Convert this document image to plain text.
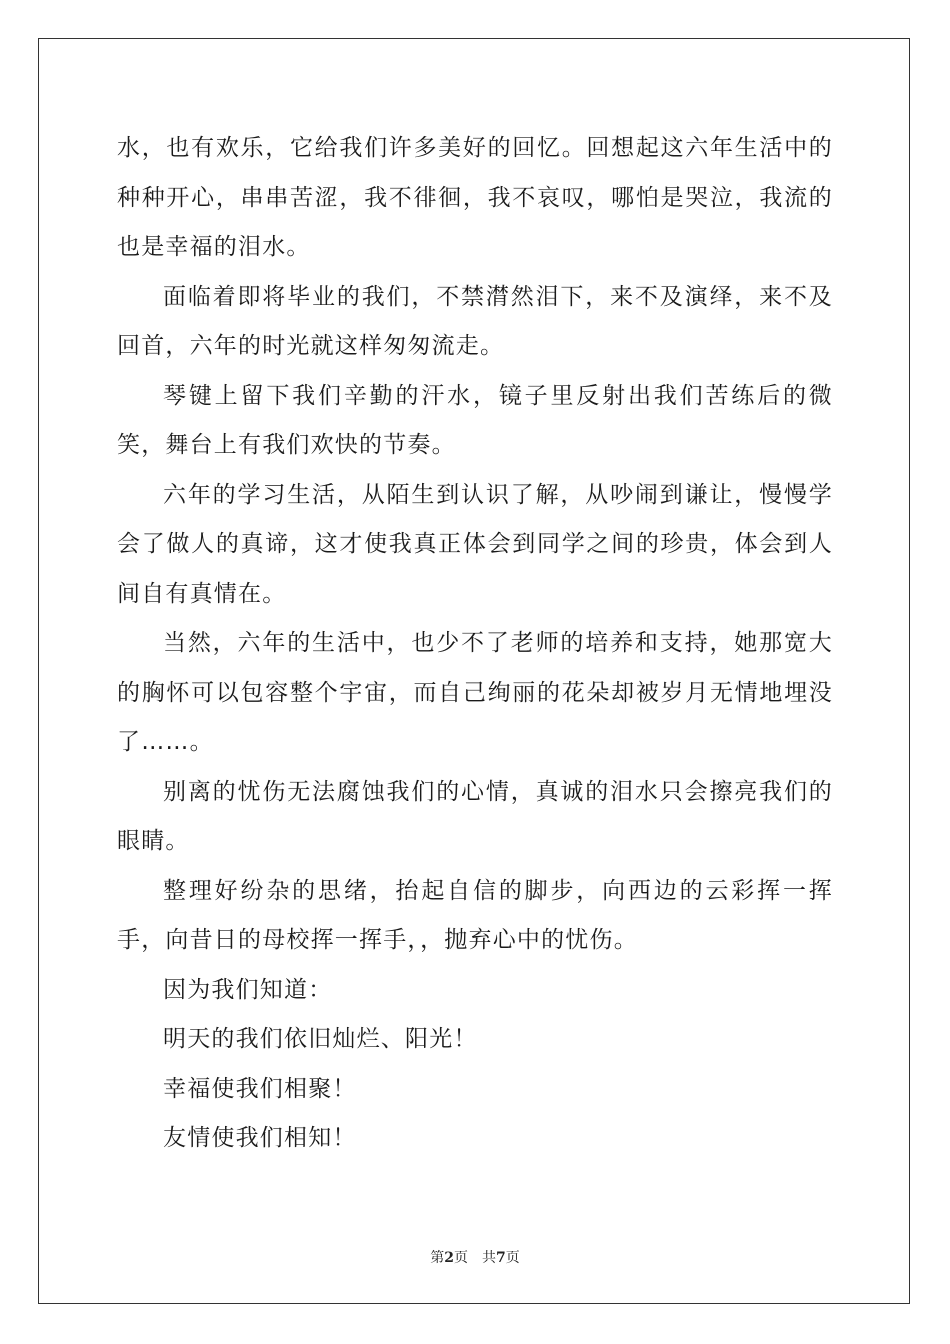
水，也有欢乐，它给我们许多美好的回忆。回想起这六年生活中的种种开心，串串苦涩，我不徘徊，我不哀叹，哪怕是哭泣，我流的也是幸福的泪水。

面临着即将毕业的我们，不禁潸然泪下，来不及演绎，来不及回首，六年的时光就这样匆匆流走。

琴键上留下我们辛勤的汗水，镜子里反射出我们苦练后的微笑，舞台上有我们欢快的节奏。

六年的学习生活，从陌生到认识了解，从吵闹到谦让，慢慢学会了做人的真谛，这才使我真正体会到同学之间的珍贵，体会到人间自有真情在。

当然，六年的生活中，也少不了老师的培养和支持，她那宽大的胸怀可以包容整个宇宙，而自己绚丽的花朵却被岁月无情地埋没了……。

别离的忧伤无法腐蚀我们的心情，真诚的泪水只会擦亮我们的眼睛。

整理好纷杂的思绪，抬起自信的脚步，向西边的云彩挥一挥手，向昔日的母校挥一挥手，，抛弃心中的忧伤。

因为我们知道：

明天的我们依旧灿烂、阳光！

幸福使我们相聚！

友情使我们相知！

第2页 共7页
